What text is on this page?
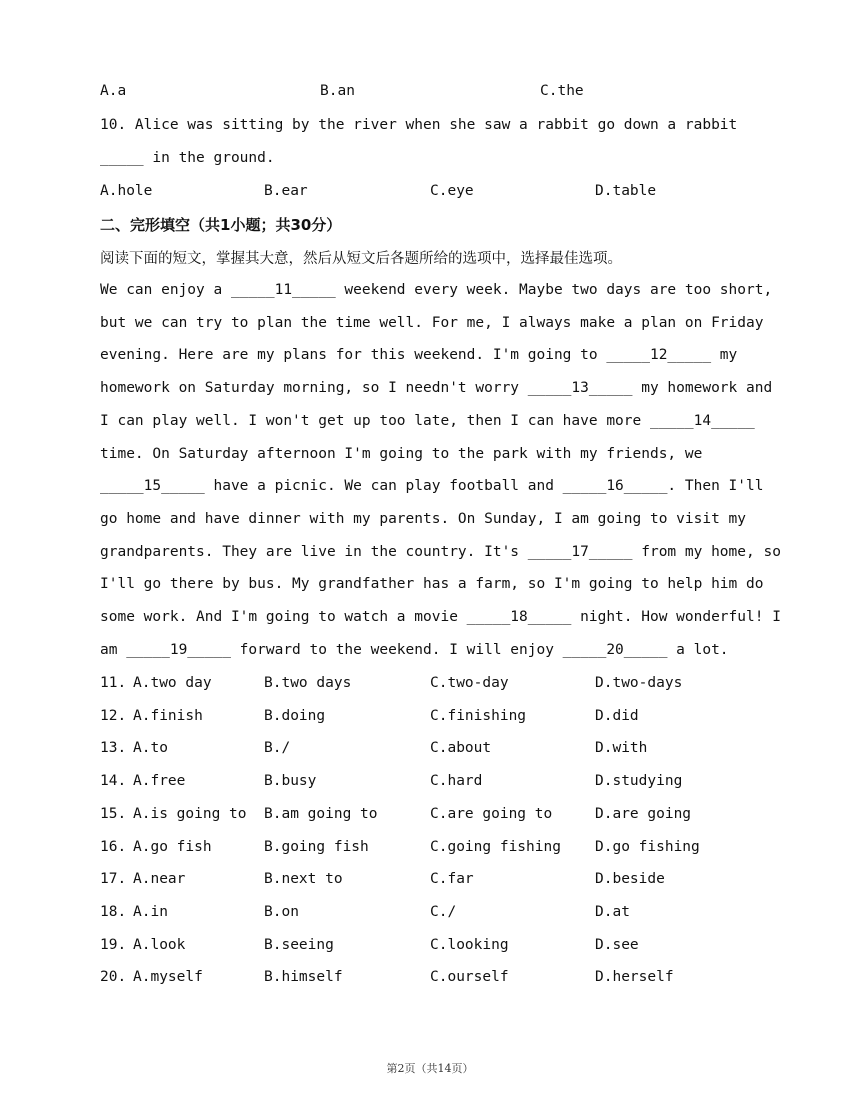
A.a	B.an	C.the
10. Alice was sitting by the river when she saw a rabbit go down a rabbit
_____ in the ground.
A.hole	B.ear	C.eye	D.table
二、完形填空（共1小题；共30分）
阅读下面的短文，掌握其大意，然后从短文后各题所给的选项中，选择最佳选项。
We can enjoy a _____11_____ weekend every week. Maybe two days are too short,
but we can try to plan the time well. For me, I always make a plan on Friday
evening. Here are my plans for this weekend. I'm going to _____12_____ my
homework on Saturday morning, so I needn't worry _____13_____ my homework and
I can play well. I won't get up too late, then I can have more _____14_____
time. On Saturday afternoon I'm going to the park with my friends, we
_____15_____ have a picnic. We can play football and _____16_____. Then I'll
go home and have dinner with my parents. On Sunday, I am going to visit my
grandparents. They are live in the country. It's _____17_____ from my home, so
I'll go there by bus. My grandfather has a farm, so I'm going to help him do
some work. And I'm going to watch a movie _____18_____ night. How wonderful! I
am _____19_____ forward to the weekend. I will enjoy _____20_____ a lot.
11. A.two day	B.two days	C.two-day	D.two-days
12. A.finish	B.doing	C.finishing	D.did
13. A.to	B./	C.about	D.with
14. A.free	B.busy	C.hard	D.studying
15. A.is going to B.am going to	C.are going to	D.are going
16. A.go fish	B.going fish	C.going fishing D.go fishing
17. A.near	B.next to	C.far	D.beside
18. A.in	B.on	C./	D.at
19. A.look	B.seeing	C.looking	D.see
20. A.myself	B.himself	C.ourself	D.herself
第2页（共14页）
